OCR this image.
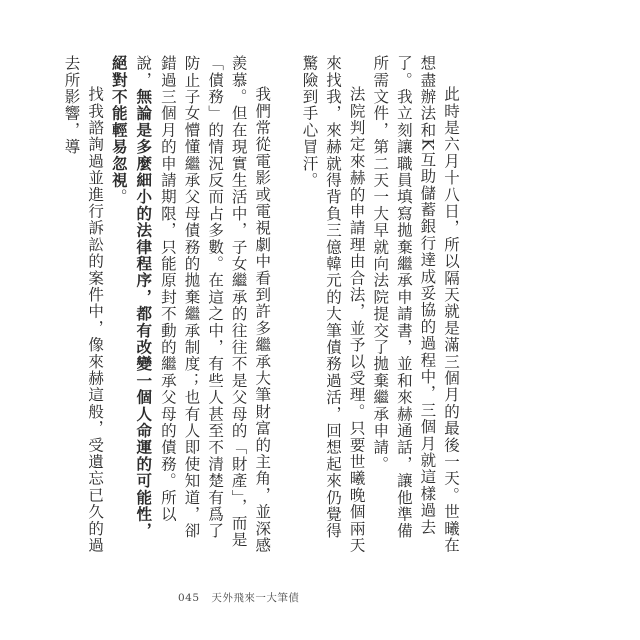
此時是六月十八日，所以隔天就是滿三個月的最後一天。世曦在想盡辦法和K互助儲蓄銀行達成妥協的過程中，三個月就這樣過去了。我立刻讓職員填寫拋棄繼承申請書，並和來赫通話，讓他準備所需文件，第二天一大早就向法院提交了拋棄繼承申請。

法院判定來赫的申請理由合法，並予以受理。只要世曦晚個兩天來找我，來赫就得背負三億韓元的大筆債務過活，回想起來仍覺得驚險到手心冒汗。

我們常從電影或電視劇中看到許多繼承大筆財富的主角，並深感羨慕。但在現實生活中，子女繼承的往往不是父母的「財產」，而是「債務」的情況反而占多數。在這之中，有些人甚至不清楚有爲了防止子女懵懂繼承父母債務的拋棄繼承制度；也有人即使知道，卻錯過三個月的申請期限，只能原封不動的繼承父母的債務。所以說，無論是多麼細小的法律程序，都有改變一個人命運的可能性，絕對不能輕易忽視。

找我諮詢過並進行訴訟的案件中，像來赫這般，受遺忘已久的過去所影響，導

045 天外飛來一大筆債
